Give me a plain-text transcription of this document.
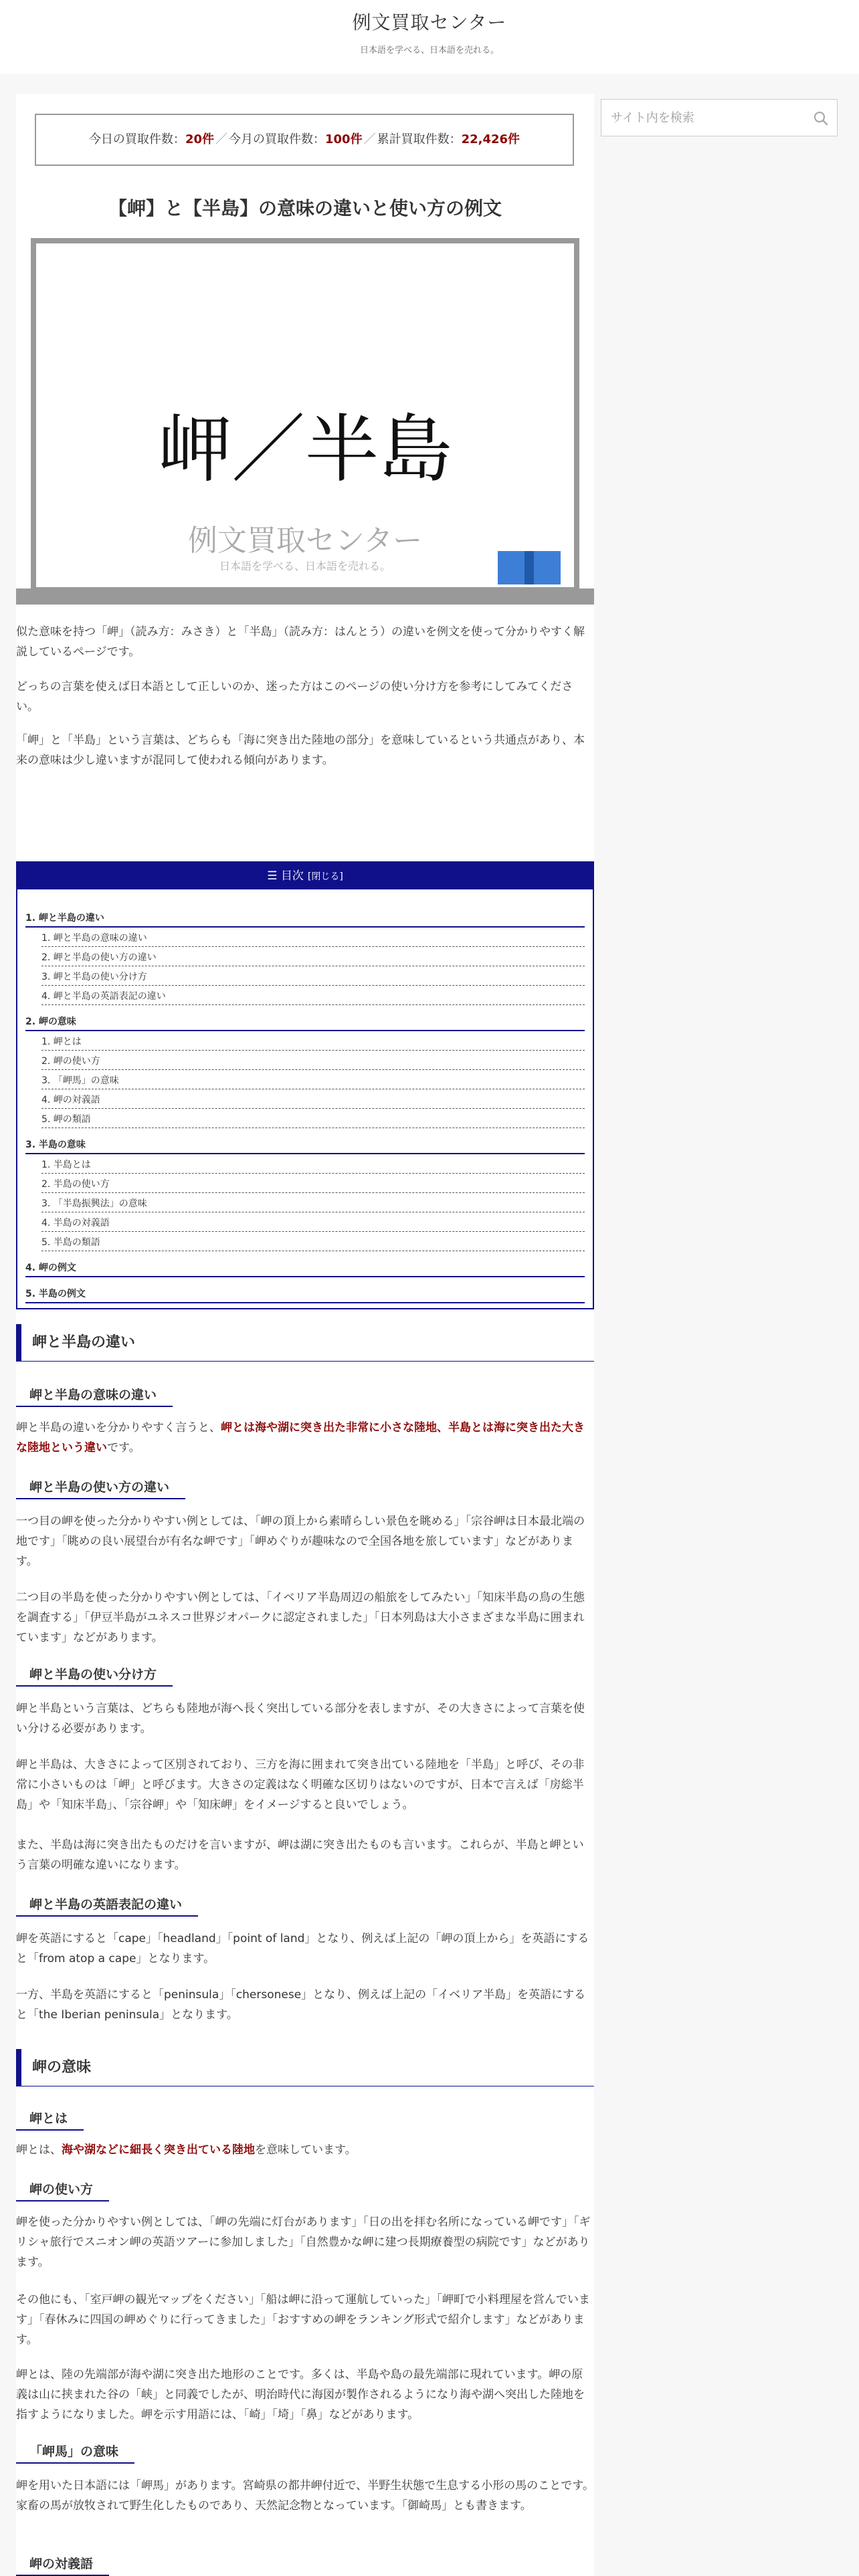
例文買取センター
日本語を学べる、日本語を売れる。
サイト内を検索
今日の買取件数：20件 ／ 今月の買取件数：100件 ／ 累計買取件数：22,426件
【岬】と【半島】の意味の違いと使い方の例文
岬／半島
例文買取センター
日本語を学べる、日本語を売れる。

似た意味を持つ「岬」（読み方：みさき）と「半島」（読み方：はんとう）の違いを例文を使って分かりやすく解説しているページです。

どっちの言葉を使えば日本語として正しいのか、迷った方はこのページの使い分け方を参考にしてみてください。

「岬」と「半島」という言葉は、どちらも「海に突き出た陸地の部分」を意味しているという共通点があり、本来の意味は少し違いますが混同して使われる傾向があります。

☰ 目次 [閉じる]
1. 岬と半島の違い
1. 岬と半島の意味の違い
2. 岬と半島の使い方の違い
3. 岬と半島の使い分け方
4. 岬と半島の英語表記の違い
2. 岬の意味
1. 岬とは
2. 岬の使い方
3. 「岬馬」の意味
4. 岬の対義語
5. 岬の類語
3. 半島の意味
1. 半島とは
2. 半島の使い方
3. 「半島振興法」の意味
4. 半島の対義語
5. 半島の類語
4. 岬の例文
5. 半島の例文
岬と半島の違い
岬と半島の意味の違い

岬と半島の違いを分かりやすく言うと、岬とは海や湖に突き出た非常に小さな陸地、半島とは海に突き出た大きな陸地という違いです。

岬と半島の使い方の違い

一つ目の岬を使った分かりやすい例としては、「岬の頂上から素晴らしい景色を眺める」「宗谷岬は日本最北端の地です」「眺めの良い展望台が有名な岬です」「岬めぐりが趣味なので全国各地を旅しています」などがあります。

二つ目の半島を使った分かりやすい例としては、「イベリア半島周辺の船旅をしてみたい」「知床半島の鳥の生態を調査する」「伊豆半島がユネスコ世界ジオパークに認定されました」「日本列島は大小さまざまな半島に囲まれています」などがあります。

岬と半島の使い分け方

岬と半島という言葉は、どちらも陸地が海へ長く突出している部分を表しますが、その大きさによって言葉を使い分ける必要があります。

岬と半島は、大きさによって区別されており、三方を海に囲まれて突き出ている陸地を「半島」と呼び、その非常に小さいものは「岬」と呼びます。大きさの定義はなく明確な区切りはないのですが、日本で言えば「房総半島」や「知床半島」、「宗谷岬」や「知床岬」をイメージすると良いでしょう。

また、半島は海に突き出たものだけを言いますが、岬は湖に突き出たものも言います。これらが、半島と岬という言葉の明確な違いになります。

岬と半島の英語表記の違い

岬を英語にすると「cape」「headland」「point of land」となり、例えば上記の「岬の頂上から」を英語にすると「from atop a cape」となります。

一方、半島を英語にすると「peninsula」「chersonese」となり、例えば上記の「イベリア半島」を英語にすると「the Iberian peninsula」となります。

岬の意味
岬とは

岬とは、海や湖などに細長く突き出ている陸地を意味しています。

岬の使い方

岬を使った分かりやすい例としては、「岬の先端に灯台があります」「日の出を拝む名所になっている岬です」「ギリシャ旅行でスニオン岬の英語ツアーに参加しました」「自然豊かな岬に建つ長期療養型の病院です」などがあります。

その他にも、「室戸岬の観光マップをください」「船は岬に沿って運航していった」「岬町で小料理屋を営んでいます」「春休みに四国の岬めぐりに行ってきました」「おすすめの岬をランキング形式で紹介します」などがあります。

岬とは、陸の先端部が海や湖に突き出た地形のことです。多くは、半島や島の最先端部に現れています。岬の原義は山に挟まれた谷の「峡」と同義でしたが、明治時代に海図が製作されるようになり海や湖へ突出した陸地を指すようになりました。岬を示す用語には、「崎」「埼」「鼻」などがあります。

「岬馬」の意味

岬を用いた日本語には「岬馬」があります。宮崎県の都井岬付近で、半野生状態で生息する小形の馬のことです。家畜の馬が放牧されて野生化したものであり、天然記念物となっています。「御崎馬」とも書きます。

岬の対義語
